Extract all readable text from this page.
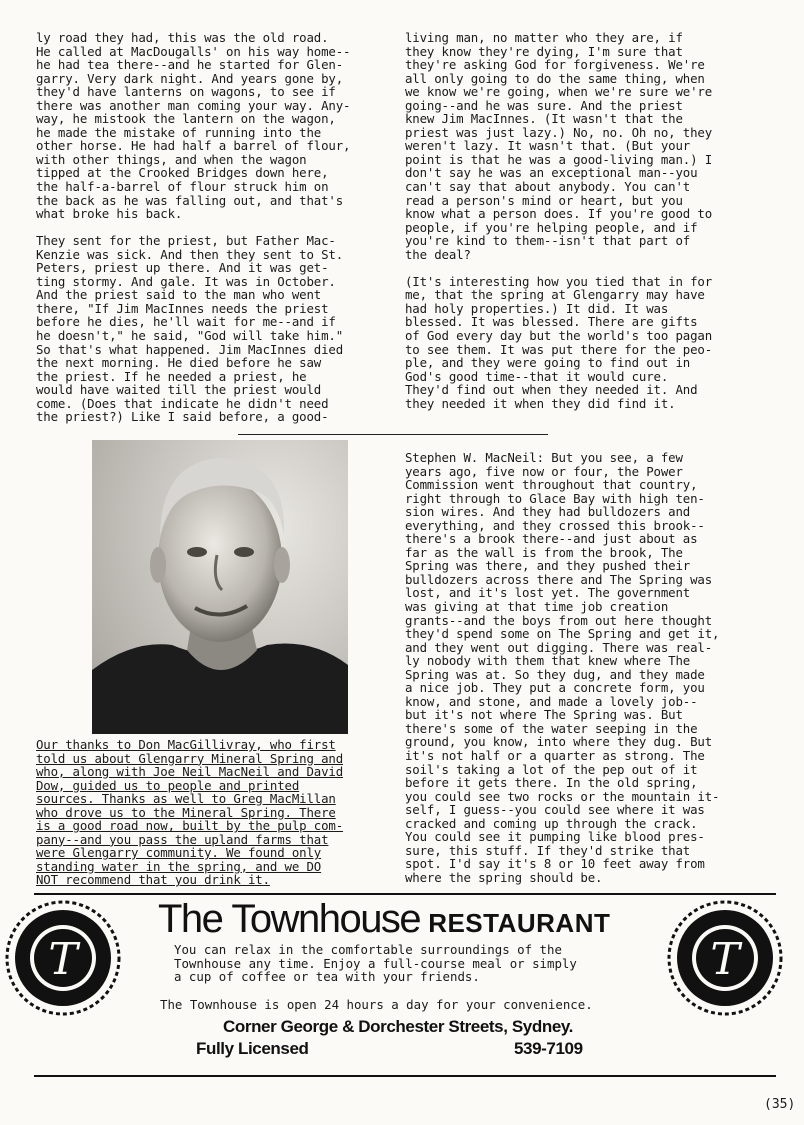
ly road they had, this was the old road.
He called at MacDougalls' on his way home--
he had tea there--and he started for Glen-
garry. Very dark night. And years gone by,
they'd have lanterns on wagons, to see if
there was another man coming your way. Any-
way, he mistook the lantern on the wagon,
he made the mistake of running into the
other horse. He had half a barrel of flour,
with other things, and when the wagon
tipped at the Crooked Bridges down here,
the half-a-barrel of flour struck him on
the back as he was falling out, and that's
what broke his back.

They sent for the priest, but Father Mac-
Kenzie was sick. And then they sent to St.
Peters, priest up there. And it was get-
ting stormy. And gale. It was in October.
And the priest said to the man who went
there, "If Jim MacInnes needs the priest
before he dies, he'll wait for me--and if
he doesn't," he said, "God will take him."
So that's what happened. Jim MacInnes died
the next morning. He died before he saw
the priest. If he needed a priest, he
would have waited till the priest would
come. (Does that indicate he didn't need
the priest?) Like I said before, a good-
living man, no matter who they are, if
they know they're dying, I'm sure that
they're asking God for forgiveness. We're
all only going to do the same thing, when
we know we're going, when we're sure we're
going--and he was sure. And the priest
knew Jim MacInnes. (It wasn't that the
priest was just lazy.) No, no. Oh no, they
weren't lazy. It wasn't that. (But your
point is that he was a good-living man.) I
don't say he was an exceptional man--you
can't say that about anybody. You can't
read a person's mind or heart, but you
know what a person does. If you're good to
people, if you're helping people, and if
you're kind to them--isn't that part of
the deal?

(It's interesting how you tied that in for
me, that the spring at Glengarry may have
had holy properties.) It did. It was
blessed. It was blessed. There are gifts
of God every day but the world's too pagan
to see them. It was put there for the peo-
ple, and they were going to find out in
God's good time--that it would cure.
They'd find out when they needed it. And
they needed it when they did find it.
Our thanks to Don MacGillivray, who first
told us about Glengarry Mineral Spring and
who, along with Joe Neil MacNeil and David
Dow, guided us to people and printed
sources. Thanks as well to Greg MacMillan
who drove us to the Mineral Spring. There
is a good road now, built by the pulp com-
pany--and you pass the upland farms that
were Glengarry community. We found only
standing water in the spring, and we DO
NOT recommend that you drink it.
Stephen W. MacNeil: But you see, a few
years ago, five now or four, the Power
Commission went throughout that country,
right through to Glace Bay with high ten-
sion wires. And they had bulldozers and
everything, and they crossed this brook--
there's a brook there--and just about as
far as the wall is from the brook, The
Spring was there, and they pushed their
bulldozers across there and The Spring was
lost, and it's lost yet. The government
was giving at that time job creation
grants--and the boys from out here thought
they'd spend some on The Spring and get it,
and they went out digging. There was real-
ly nobody with them that knew where The
Spring was at. So they dug, and they made
a nice job. They put a concrete form, you
know, and stone, and made a lovely job--
but it's not where The Spring was. But
there's some of the water seeping in the
ground, you know, into where they dug. But
it's not half or a quarter as strong. The
soil's taking a lot of the pep out of it
before it gets there. In the old spring,
you could see two rocks or the mountain it-
self, I guess--you could see where it was
cracked and coming up through the crack.
You could see it pumping like blood pres-
sure, this stuff. If they'd strike that
spot. I'd say it's 8 or 10 feet away from
where the spring should be.
T	T
The Townhouse RESTAURANT
You can relax in the comfortable surroundings of the
Townhouse any time. Enjoy a full-course meal or simply
a cup of coffee or tea with your friends.
The Townhouse is open 24 hours a day for your convenience.
Corner George & Dorchester Streets, Sydney.
Fully Licensed	539-7109
(35)
